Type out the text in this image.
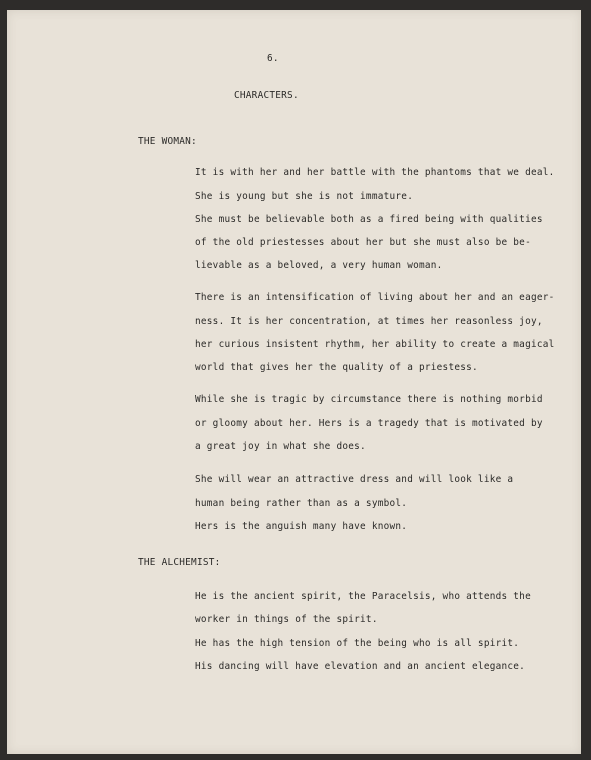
6.
CHARACTERS.
THE WOMAN:
It is with her and her battle with the phantoms that we deal.
She is young but she is not immature.
She must be believable both as a fired being with qualities
of the old priestesses about her but she must also be be-
lievable as a beloved, a very human woman.
There is an intensification of living about her and an eager-
ness. It is her concentration, at times her reasonless joy,
her curious insistent rhythm, her ability to create a magical
world that gives her the quality of a priestess.
While she is tragic by circumstance there is nothing morbid
or gloomy about her. Hers is a tragedy that is motivated by
a great joy in what she does.
She will wear an attractive dress and will look like a
human being rather than as a symbol.
Hers is the anguish many have known.
THE ALCHEMIST:
He is the ancient spirit, the Paracelsis, who attends the
worker in things of the spirit.
He has the high tension of the being who is all spirit.
His dancing will have elevation and an ancient elegance.
